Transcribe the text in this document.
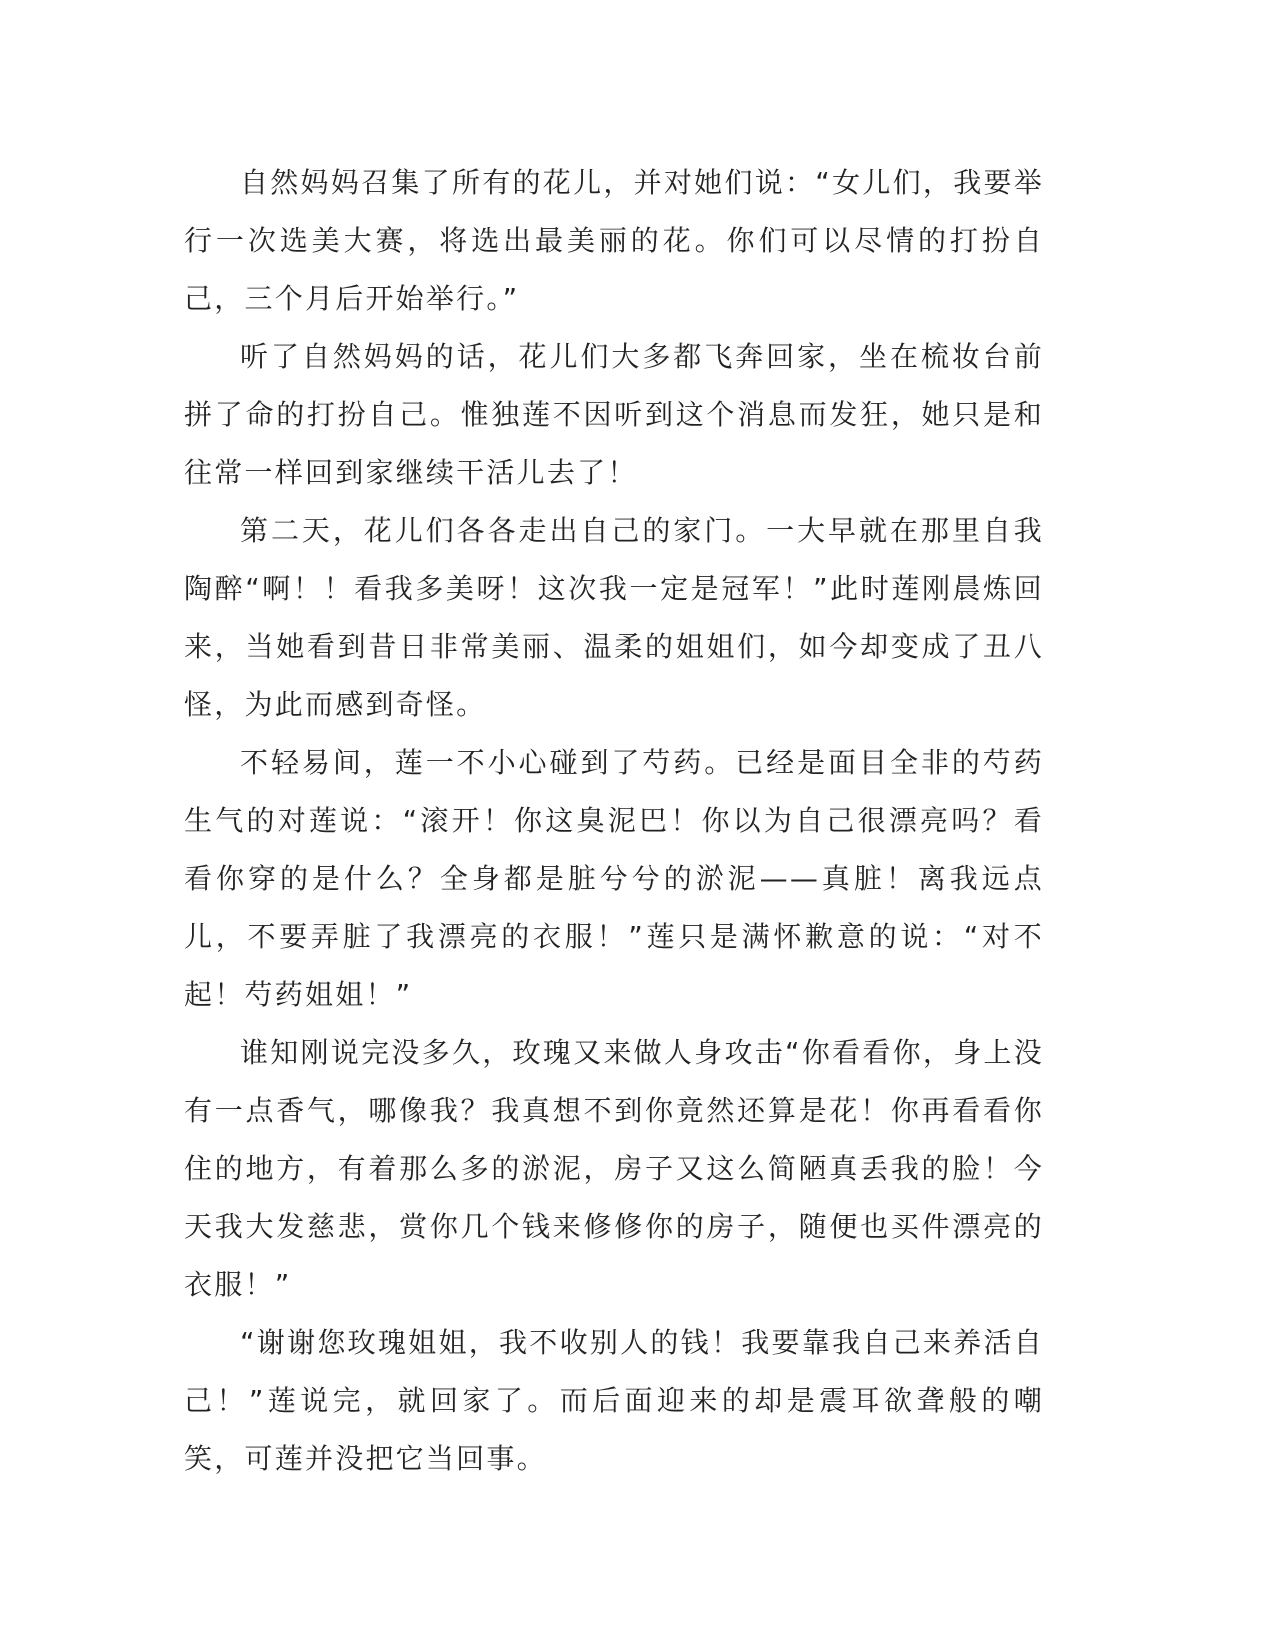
自然妈妈召集了所有的花儿，并对她们说：“女儿们，我要举行一次选美大赛，将选出最美丽的花。你们可以尽情的打扮自己，三个月后开始举行。”

听了自然妈妈的话，花儿们大多都飞奔回家，坐在梳妆台前拼了命的打扮自己。惟独莲不因听到这个消息而发狂，她只是和往常一样回到家继续干活儿去了！

第二天，花儿们各各走出自己的家门。一大早就在那里自我陶醉“啊！！看我多美呀！这次我一定是冠军！”此时莲刚晨炼回来，当她看到昔日非常美丽、温柔的姐姐们，如今却变成了丑八怪，为此而感到奇怪。

不轻易间，莲一不小心碰到了芍药。已经是面目全非的芍药生气的对莲说：“滚开！你这臭泥巴！你以为自己很漂亮吗？看看你穿的是什么？全身都是脏兮兮的淤泥——真脏！离我远点儿，不要弄脏了我漂亮的衣服！”莲只是满怀歉意的说：“对不起！芍药姐姐！”

谁知刚说完没多久，玫瑰又来做人身攻击“你看看你，身上没有一点香气，哪像我？我真想不到你竟然还算是花！你再看看你住的地方，有着那么多的淤泥，房子又这么简陋真丢我的脸！今天我大发慈悲，赏你几个钱来修修你的房子，随便也买件漂亮的衣服！”

“谢谢您玫瑰姐姐，我不收别人的钱！我要靠我自己来养活自己！”莲说完，就回家了。而后面迎来的却是震耳欲聋般的嘲笑，可莲并没把它当回事。
